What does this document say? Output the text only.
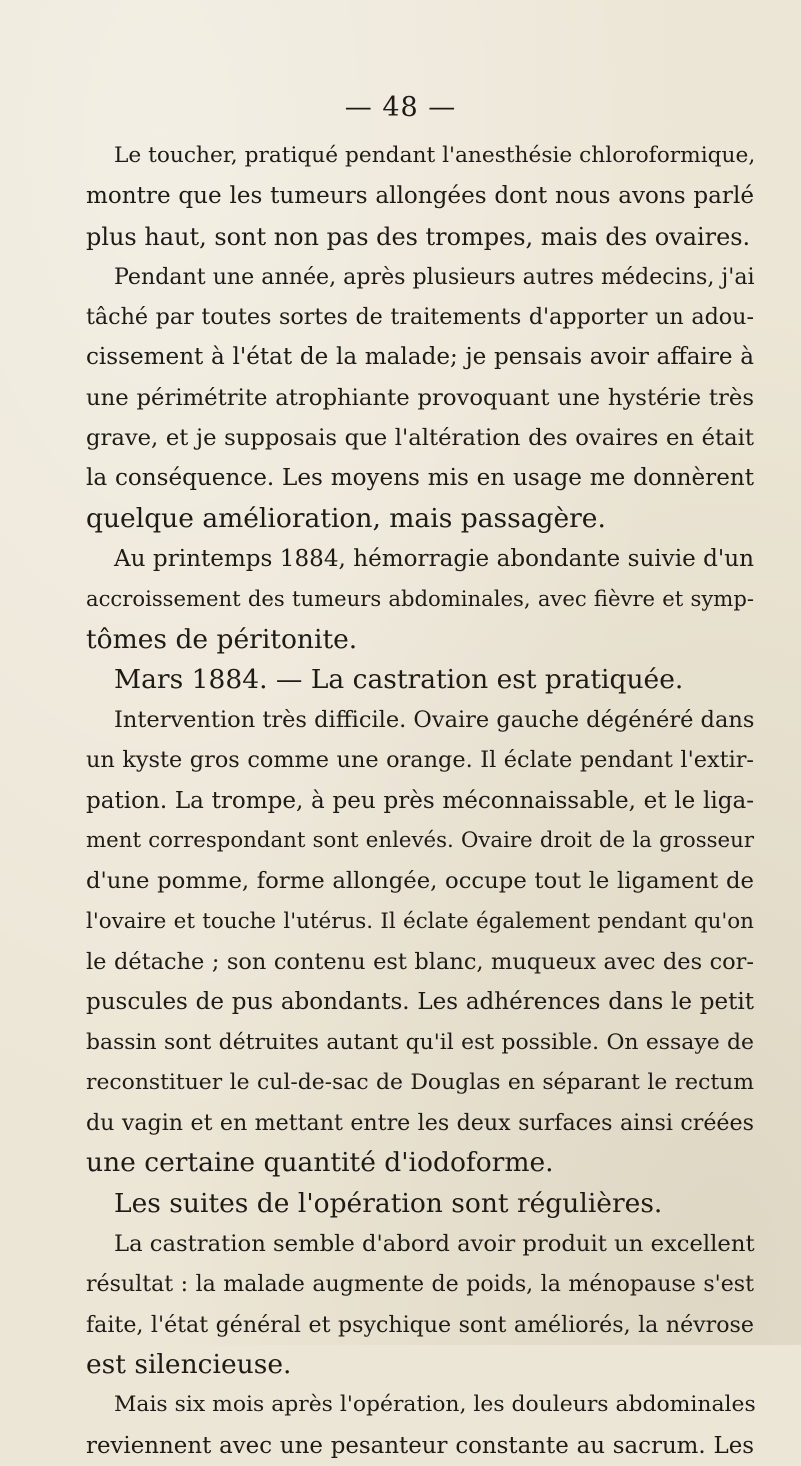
— 48 —
Le toucher, pratiqué pendant l'anesthésie chloroformique,
montre que les tumeurs allongées dont nous avons parlé
plus haut, sont non pas des trompes, mais des ovaires.
Pendant une année, après plusieurs autres médecins, j'ai
tâché par toutes sortes de traitements d'apporter un adou-
cissement à l'état de la malade; je pensais avoir affaire à
une périmétrite atrophiante provoquant une hystérie très
grave, et je supposais que l'altération des ovaires en était
la conséquence. Les moyens mis en usage me donnèrent
quelque amélioration, mais passagère.
Au printemps 1884, hémorragie abondante suivie d'un
accroissement des tumeurs abdominales, avec fièvre et symp-
tômes de péritonite.
Mars 1884. — La castration est pratiquée.
Intervention très difficile. Ovaire gauche dégénéré dans
un kyste gros comme une orange. Il éclate pendant l'extir-
pation. La trompe, à peu près méconnaissable, et le liga-
ment correspondant sont enlevés. Ovaire droit de la grosseur
d'une pomme, forme allongée, occupe tout le ligament de
l'ovaire et touche l'utérus. Il éclate également pendant qu'on
le détache ; son contenu est blanc, muqueux avec des cor-
puscules de pus abondants. Les adhérences dans le petit
bassin sont détruites autant qu'il est possible. On essaye de
reconstituer le cul-de-sac de Douglas en séparant le rectum
du vagin et en mettant entre les deux surfaces ainsi créées
une certaine quantité d'iodoforme.
Les suites de l'opération sont régulières.
La castration semble d'abord avoir produit un excellent
résultat : la malade augmente de poids, la ménopause s'est
faite, l'état général et psychique sont améliorés, la névrose
est silencieuse.
Mais six mois après l'opération, les douleurs abdominales
reviennent avec une pesanteur constante au sacrum. Les
